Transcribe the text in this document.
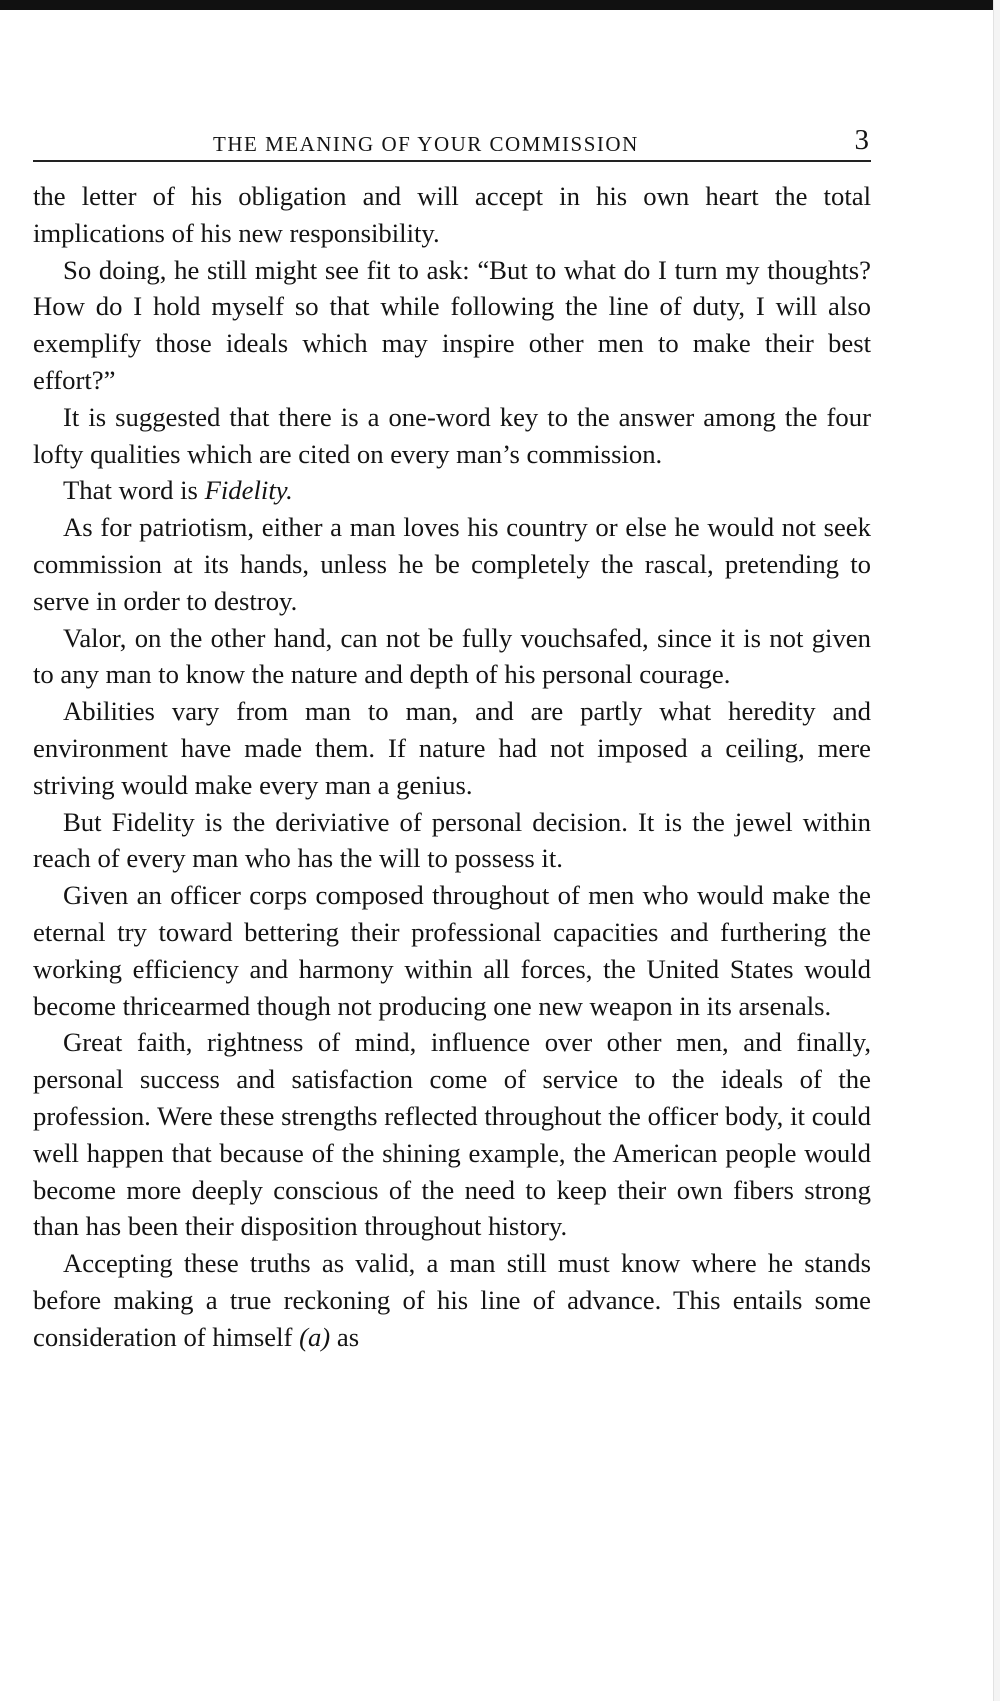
THE MEANING OF YOUR COMMISSION	3

the letter of his obligation and will accept in his own heart the total implications of his new responsibility.

So doing, he still might see fit to ask: “But to what do I turn my thoughts? How do I hold myself so that while following the line of duty, I will also exemplify those ideals which may inspire other men to make their best effort?”

It is suggested that there is a one-word key to the answer among the four lofty qualities which are cited on every man’s commission.

That word is Fidelity.

As for patriotism, either a man loves his country or else he would not seek commission at its hands, unless he be completely the rascal, pretending to serve in order to destroy.

Valor, on the other hand, can not be fully vouchsafed, since it is not given to any man to know the nature and depth of his personal courage.

Abilities vary from man to man, and are partly what heredity and environment have made them. If nature had not imposed a ceiling, mere striving would make every man a genius.

But Fidelity is the deriviative of personal decision. It is the jewel within reach of every man who has the will to possess it.

Given an officer corps composed throughout of men who would make the eternal try toward bettering their professional capacities and furthering the working efficiency and harmony within all forces, the United States would become thricearmed though not producing one new weapon in its arsenals.

Great faith, rightness of mind, influence over other men, and finally, personal success and satisfaction come of service to the ideals of the profession. Were these strengths reflected throughout the officer body, it could well happen that because of the shining example, the American people would become more deeply conscious of the need to keep their own fibers strong than has been their disposition throughout history.

Accepting these truths as valid, a man still must know where he stands before making a true reckoning of his line of advance. This entails some consideration of himself (a) as
